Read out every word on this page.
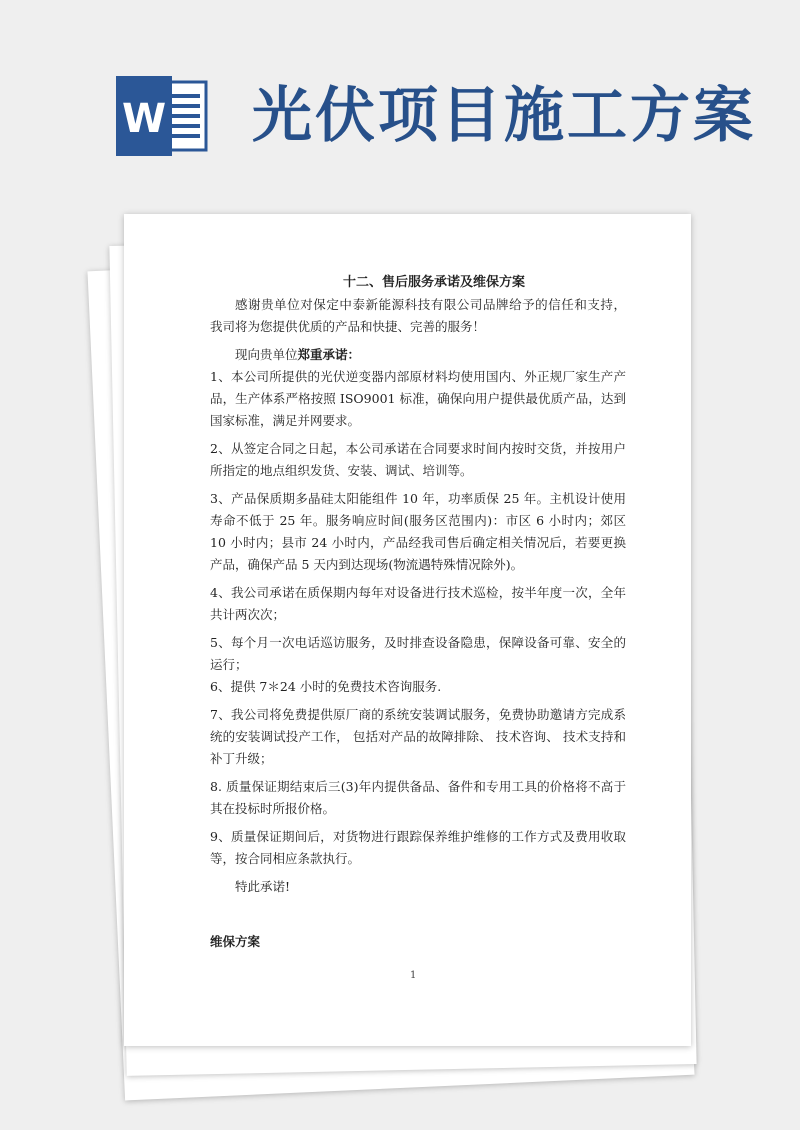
W 光伏项目施工方案
十二、售后服务承诺及维保方案

感谢贵单位对保定中泰新能源科技有限公司品牌给予的信任和支持， 我司将为您提供优质的产品和快捷、完善的服务！

现向贵单位郑重承诺：

1、本公司所提供的光伏逆变器内部原材料均使用国内、外正规厂家生产产品，生产体系严格按照 ISO9001 标准，确保向用户提供最优质产品，达到国家标准，满足并网要求。

2、从签定合同之日起，本公司承诺在合同要求时间内按时交货，并按用户所指定的地点组织发货、安装、调试、培训等。

3、产品保质期多晶硅太阳能组件 10 年，功率质保 25 年。主机设计使用寿命不低于 25 年。服务响应时间(服务区范围内)：市区 6 小时内；郊区 10 小时内；县市 24 小时内，产品经我司售后确定相关情况后，若要更换产品，确保产品 5 天内到达现场(物流遇特殊情况除外)。

4、我公司承诺在质保期内每年对设备进行技术巡检，按半年度一次，全年共计两次次；

5、每个月一次电话巡访服务，及时排查设备隐患，保障设备可靠、安全的运行；

6、提供 7＊24 小时的免费技术咨询服务.

7、我公司将免费提供原厂商的系统安装调试服务，免费协助邀请方完成系统的安装调试投产工作， 包括对产品的故障排除、 技术咨询、 技术支持和补丁升级；

8. 质量保证期结束后三(3)年内提供备品、备件和专用工具的价格将不高于其在投标时所报价格。

9、质量保证期间后，对货物进行跟踪保养维护维修的工作方式及费用收取等，按合同相应条款执行。

特此承诺!

维保方案
1
